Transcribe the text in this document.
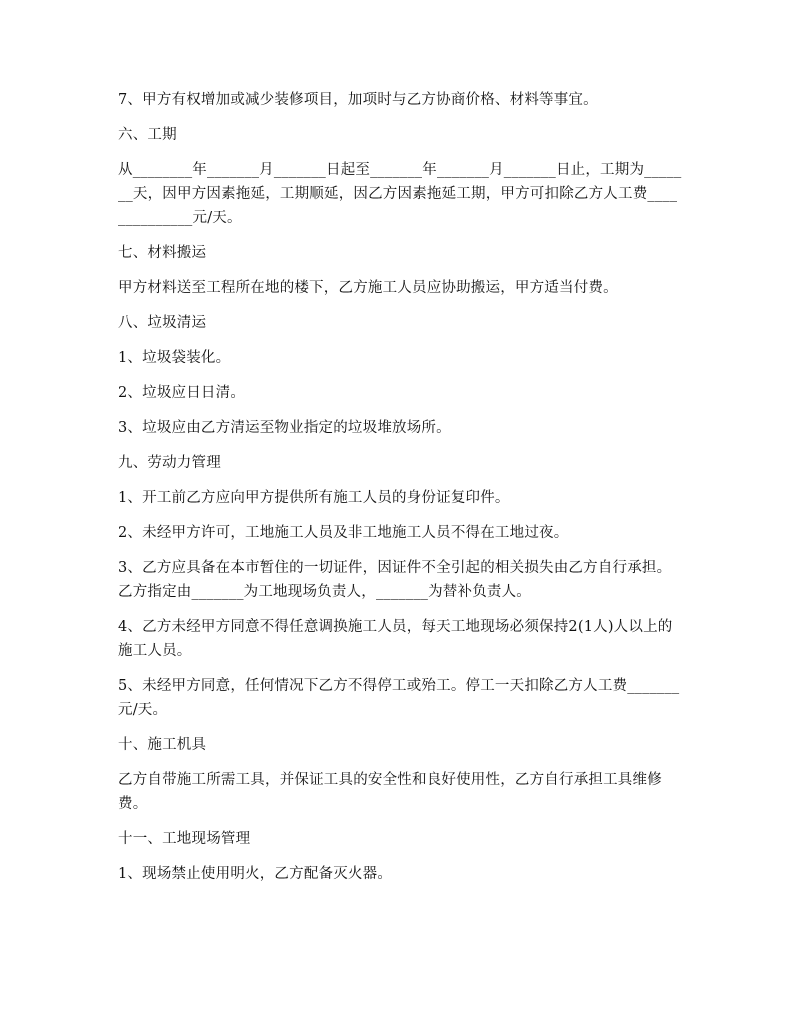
7、甲方有权增加或减少装修项目，加项时与乙方协商价格、材料等事宜。

六、工期

从________年_______月_______日起至_______年_______月_______日止，工期为_______天，因甲方因素拖延，工期顺延，因乙方因素拖延工期，甲方可扣除乙方人工费______________元/天。

七、材料搬运

甲方材料送至工程所在地的楼下，乙方施工人员应协助搬运，甲方适当付费。

八、垃圾清运

1、垃圾袋装化。

2、垃圾应日日清。

3、垃圾应由乙方清运至物业指定的垃圾堆放场所。

九、劳动力管理

1、开工前乙方应向甲方提供所有施工人员的身份证复印件。

2、未经甲方许可，工地施工人员及非工地施工人员不得在工地过夜。

3、乙方应具备在本市暂住的一切证件，因证件不全引起的相关损失由乙方自行承担。乙方指定由_______为工地现场负责人，_______为替补负责人。

4、乙方未经甲方同意不得任意调换施工人员，每天工地现场必须保持2(1人)人以上的施工人员。

5、未经甲方同意，任何情况下乙方不得停工或殆工。停工一天扣除乙方人工费_______元/天。

十、施工机具

乙方自带施工所需工具，并保证工具的安全性和良好使用性，乙方自行承担工具维修费。

十一、工地现场管理

1、现场禁止使用明火，乙方配备灭火器。
